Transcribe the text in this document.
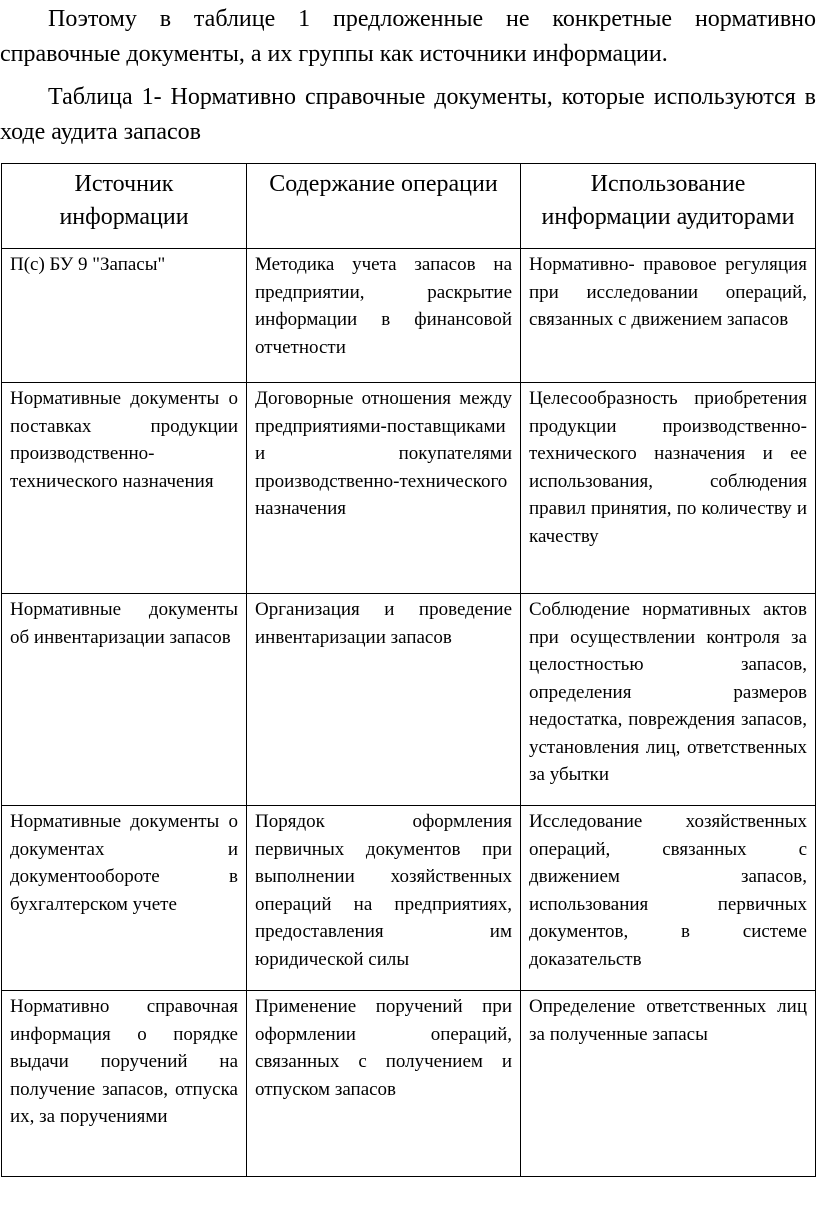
Поэтому в таблице 1 предложенные не конкретные нормативно справочные документы, а их группы как источники информации.

Таблица 1- Нормативно справочные документы, которые используются в ходе аудита запасов

Источник информации	Содержание операции	Использование информации аудиторами

П(с) БУ 9 "Запасы"	Методика учета запасов на предприятии, раскрытие информации в финансовой отчетности	Нормативно- правовое регуляция при исследовании операций, связанных с движением запасов

Нормативные документы о поставках продукции производственно-технического назначения	Договорные отношения между предприятиями-поставщиками и покупателями производственно-технического назначения	Целесообразность приобретения продукции производственно-технического назначения и ее использования, соблюдения правил принятия, по количеству и качеству

Нормативные документы об инвентаризации запасов	Организация и проведение инвентаризации запасов	Соблюдение нормативных актов при осуществлении контроля за целостностью запасов, определения размеров недостатка, повреждения запасов, установления лиц, ответственных за убытки

Нормативные документы о документах и документообороте в бухгалтерском учете	Порядок оформления первичных документов при выполнении хозяйственных операций на предприятиях, предоставления им юридической силы	Исследование хозяйственных операций, связанных с движением запасов, использования первичных документов, в системе доказательств

Нормативно справочная информация о порядке выдачи поручений на получение запасов, отпуска их, за поручениями	Применение поручений при оформлении операций, связанных с получением и отпуском запасов	Определение ответственных лиц за полученные запасы
